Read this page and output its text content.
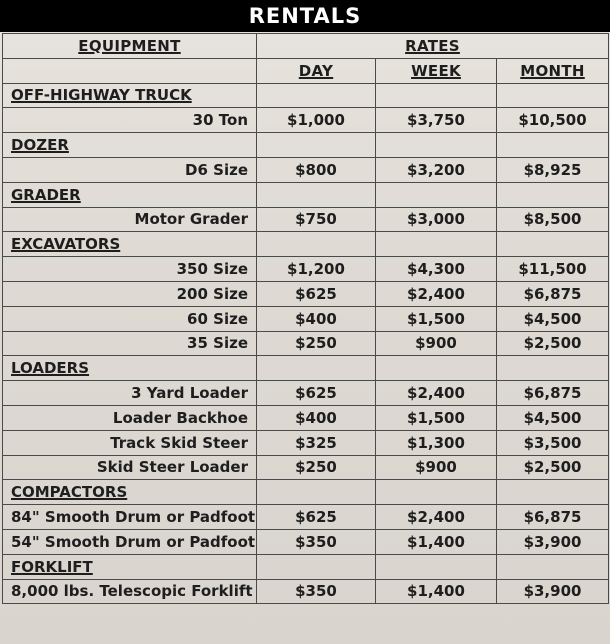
RENTALS
EQUIPMENT	RATES		
	DAY	WEEK	MONTH
OFF-HIGHWAY TRUCK			
30 Ton	$1,000	$3,750	$10,500
DOZER			
D6 Size	$800	$3,200	$8,925
GRADER			
Motor Grader	$750	$3,000	$8,500
EXCAVATORS			
350 Size	$1,200	$4,300	$11,500
200 Size	$625	$2,400	$6,875
60 Size	$400	$1,500	$4,500
35 Size	$250	$900	$2,500
LOADERS			
3 Yard Loader	$625	$2,400	$6,875
Loader Backhoe	$400	$1,500	$4,500
Track Skid Steer	$325	$1,300	$3,500
Skid Steer Loader	$250	$900	$2,500
COMPACTORS			
84" Smooth Drum or Padfoot	$625	$2,400	$6,875
54" Smooth Drum or Padfoot	$350	$1,400	$3,900
FORKLIFT			
8,000 lbs. Telescopic Forklift	$350	$1,400	$3,900
